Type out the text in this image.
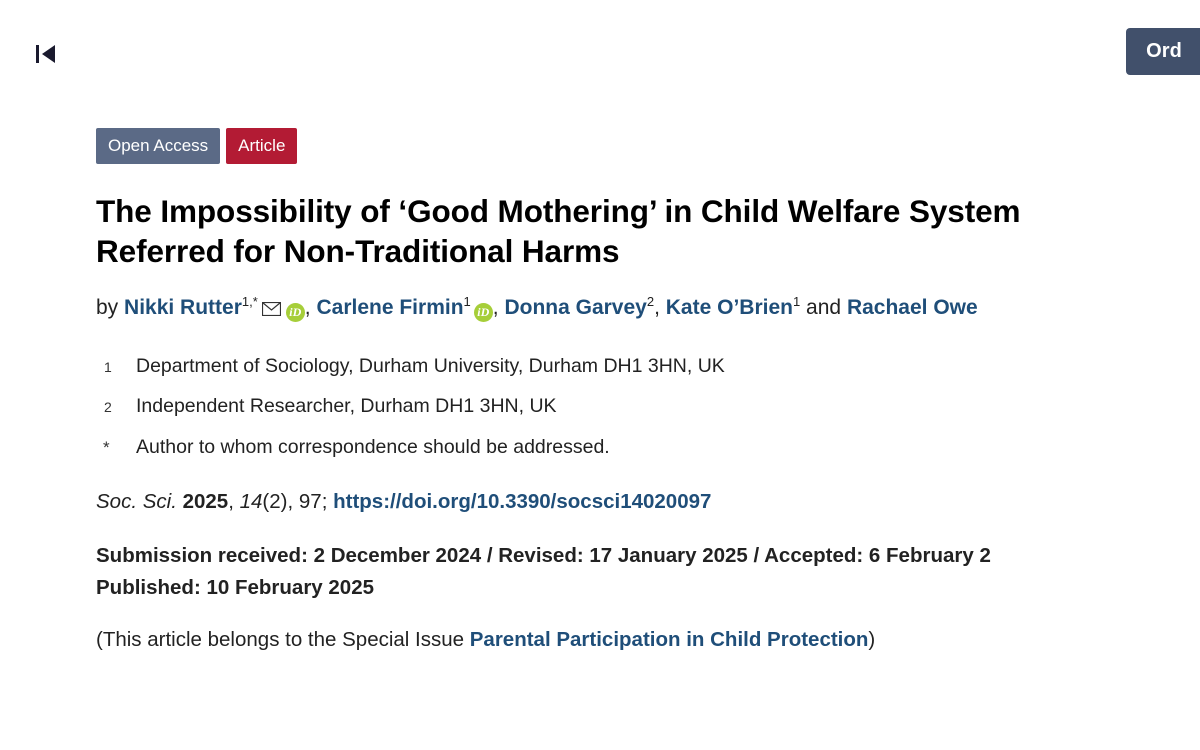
Ord
Open Access	Article
The Impossibility of ‘Good Mothering’ in Child Welfare System
Referred for Non-Traditional Harms
by Nikki Rutter$^{1,*}$iD , Carlene Firmin$^1$iD , Donna Garvey$^2$, Kate O’Brien$^1$ and Rachael Owe
1	Department of Sociology, Durham University, Durham DH1 3HN, UK
2	Independent Researcher, Durham DH1 3HN, UK
*	Author to whom correspondence should be addressed.
Soc. Sci. 2025, 14(2), 97; https://doi.org/10.3390/socsci14020097
Submission received: 2 December 2024 / Revised: 17 January 2025 / Accepted: 6 February 2
Published: 10 February 2025
(This article belongs to the Special Issue Parental Participation in Child Protection)
